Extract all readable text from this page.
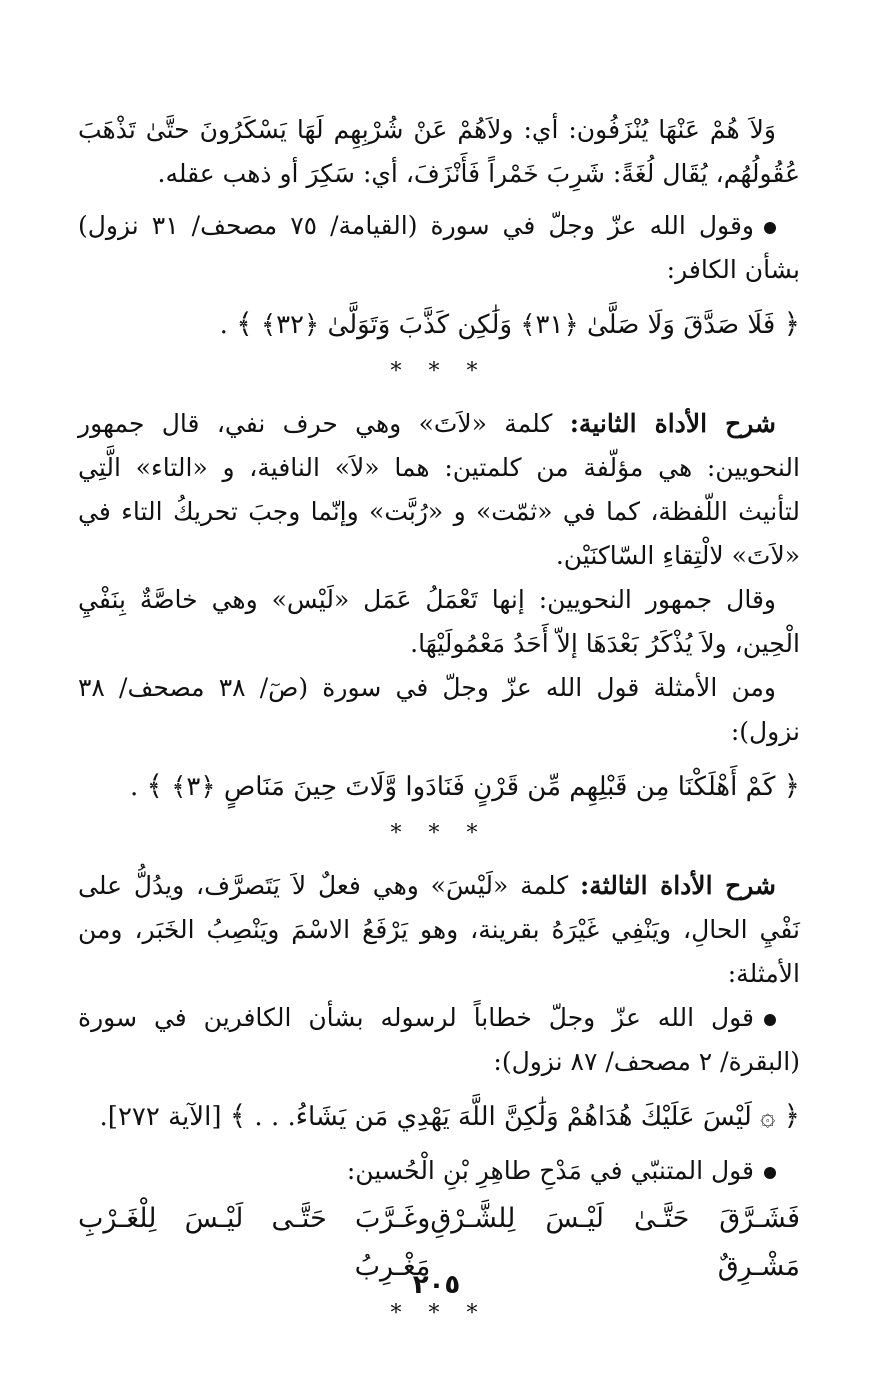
وَلاَ هُمْ عَنْهَا يُنْزَفُون: أي: ولاَهُمْ عَنْ شُرْبِهِم لَهَا يَسْكَرُونَ حتَّىٰ تَذْهَبَ عُقُولُهُم، يُقَال لُغَةً: شَرِبَ خَمْراً فَأَنْزَفَ، أي: سَكِرَ أو ذهب عقله.

وقول الله عزّ وجلّ في سورة (القيامة/ ٧٥ مصحف/ ٣١ نزول) بشأن الكافر:

﴿ فَلَا صَدَّقَ وَلَا صَلَّىٰ ﴿٣١﴾ وَلَٰكِن كَذَّبَ وَتَوَلَّىٰ ﴿٣٢﴾ ﴾ .

* * *

شرح الأداة الثانية: كلمة «لاَتَ» وهي حرف نفي، قال جمهور النحويين: هي مؤلّفة من كلمتين: هما «لاَ» النافية، و «التاء» الَّتِي لتأنيث اللّفظة، كما في «ثمّت» و «رُبَّت» وإنّما وجبَ تحريكُ التاء في «لاَتَ» لالْتِقاءِ السّاكنَيْن.

وقال جمهور النحويين: إنها تَعْمَلُ عَمَل «لَيْس» وهي خاصَّةٌ بِنَفْيِ الْحِين، ولاَ يُذْكَرُ بَعْدَهَا إلاّ أَحَدُ مَعْمُولَيْهَا.

ومن الأمثلة قول الله عزّ وجلّ في سورة (صٓ/ ٣٨ مصحف/ ٣٨ نزول):

﴿ كَمْ أَهْلَكْنَا مِن قَبْلِهِم مِّن قَرْنٍ فَنَادَوا وَّلَاتَ حِينَ مَنَاصٍ ﴿٣﴾ ﴾ .

* * *

شرح الأداة الثالثة: كلمة «لَيْسَ» وهي فعلٌ لاَ يَتَصرَّف، ويدُلُّ على نَفْيِ الحالِ، ويَنْفِي غَيْرَهُ بقرينة، وهو يَرْفَعُ الاسْمَ ويَنْصِبُ الخَبَر، ومن الأمثلة:

قول الله عزّ وجلّ خطاباً لرسوله بشأن الكافرين في سورة (البقرة/ ٢ مصحف/ ٨٧ نزول):

﴿ ۞ لَيْسَ عَلَيْكَ هُدَاهُمْ وَلَٰكِنَّ اللَّهَ يَهْدِي مَن يَشَاءُ. . . ﴾ [الآية ٢٧٢].

قول المتنبّي في مَدْحِ طاهِرِ بْنِ الْحُسين:

فَشَـرَّقَ حَتَّـىٰ لَيْـسَ لِلشَّـرْقِ مَشْـرِقٌ
وغَـرَّبَ حَتَّـى لَيْـسَ لِلْغَـرْبِ مَغْـرِبُ
* * *
٢٠٥
